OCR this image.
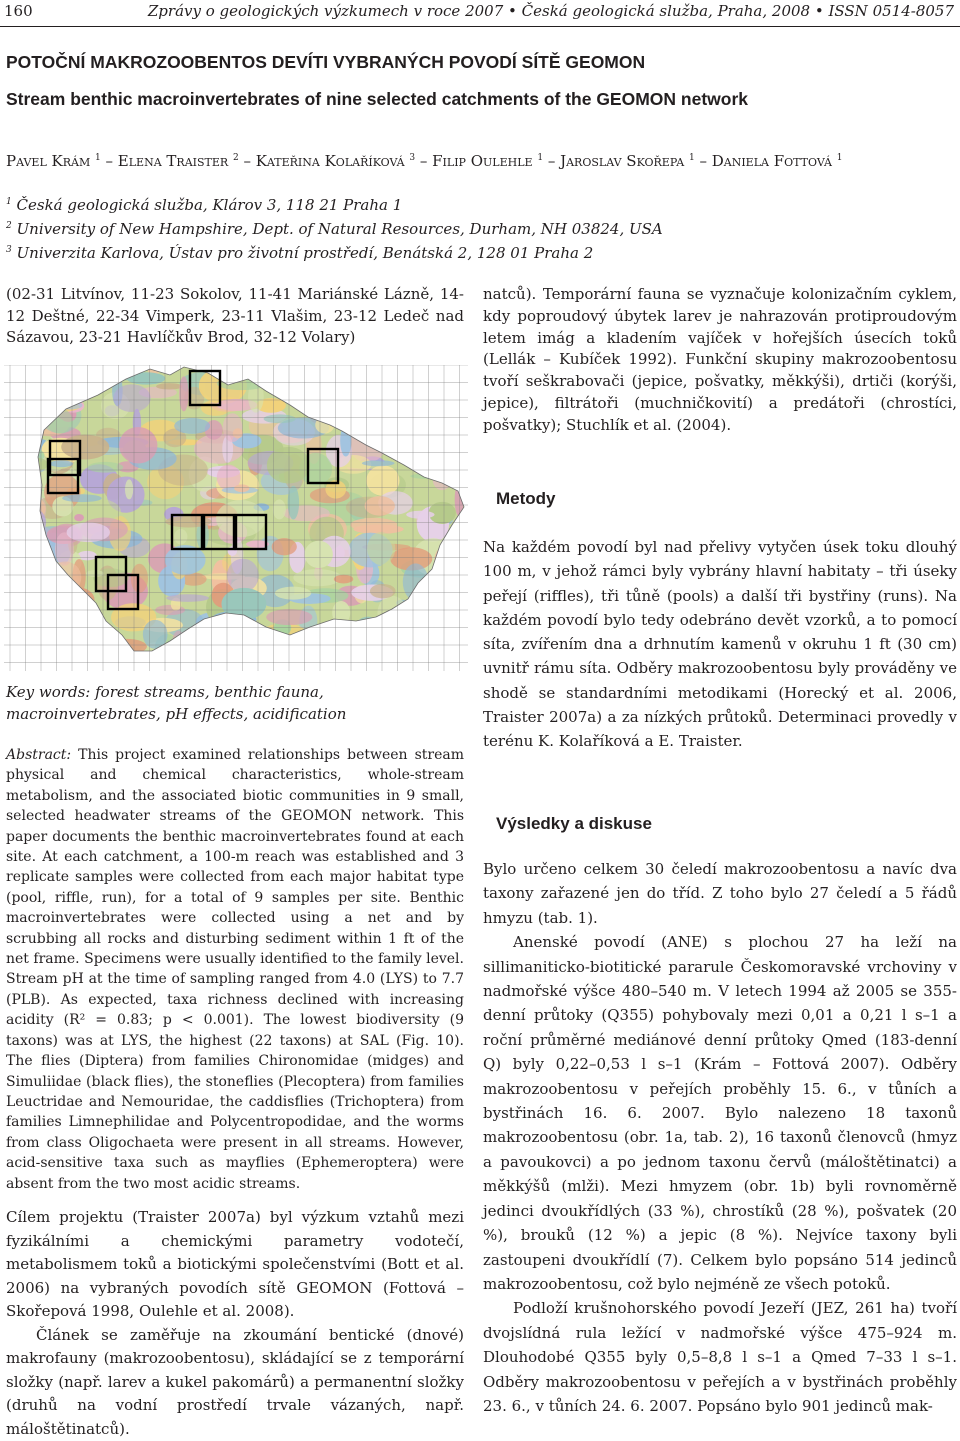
160	Zprávy o geologických výzkumech v roce 2007 • Česká geologická služba, Praha, 2008 • ISSN 0514-8057
POTOČNÍ MAKROZOOBENTOS DEVÍTI VYBRANÝCH POVODÍ SÍTĚ GEOMON
Stream benthic macroinvertebrates of nine selected catchments of the GEOMON network
Pavel Krám $^1$ – Elena Traister $^2$ – Kateřina Kolaříková $^3$ – Filip Oulehle $^1$ – Jaroslav Skořepa $^1$ – Daniela Fottová $^1$
$^1$ Česká geologická služba, Klárov 3, 118 21 Praha 1
$^2$ University of New Hampshire, Dept. of Natural Resources, Durham, NH 03824, USA
$^3$ Univerzita Karlova, Ústav pro životní prostředí, Benátská 2, 128 01 Praha 2
(02-31 Litvínov, 11-23 Sokolov, 11-41 Mariánské Lázně, 14-12 Deštné, 22-34 Vimperk, 23-11 Vlašim, 23-12 Ledeč nad Sázavou, 23-21 Havlíčkův Brod, 32-12 Volary)
Key words: forest streams, benthic fauna, macroinvertebrates, pH effects, acidification
Abstract: This project examined relationships between stream physical and chemical characteristics, whole-stream metabolism, and the associated biotic communities in 9 small, selected headwater streams of the GEOMON network. This paper documents the benthic macroinvertebrates found at each site. At each catchment, a 100-m reach was established and 3 replicate samples were collected from each major habitat type (pool, riffle, run), for a total of 9 samples per site. Benthic macroinvertebrates were collected using a net and by scrubbing all rocks and disturbing sediment within 1 ft of the net frame. Specimens were usually identified to the family level. Stream pH at the time of sampling ranged from 4.0 (LYS) to 7.7 (PLB). As expected, taxa richness declined with increasing acidity (R² = 0.83; p < 0.001). The lowest biodiversity (9 taxons) was at LYS, the highest (22 taxons) at SAL (Fig. 10). The flies (Diptera) from families Chironomidae (midges) and Simuliidae (black flies), the stoneflies (Plecoptera) from families Leuctridae and Nemouridae, the caddisflies (Trichoptera) from families Limnephilidae and Polycentropodidae, and the worms from class Oligochaeta were present in all streams. However, acid-sensitive taxa such as mayflies (Ephemeroptera) were absent from the two most acidic streams.

Cílem projektu (Traister 2007a) byl výzkum vztahů mezi fyzikálními a chemickými parametry vodotečí, metabolismem toků a biotickými společenstvími (Bott et al. 2006) na vybraných povodích sítě GEOMON (Fottová – Skořepová 1998, Oulehle et al. 2008).

Článek se zaměřuje na zkoumání bentické (dnové) makrofauny (makrozoobentosu), skládající se z temporární složky (např. larev a kukel pakomárů) a permanentní složky (druhů na vodní prostředí trvale vázaných, např. máloštětinatců).

natců). Temporární fauna se vyznačuje kolonizačním cyklem, kdy poproudový úbytek larev je nahrazován protiproudovým letem imág a kladením vajíček v hořejších úsecích toků (Lellák – Kubíček 1992). Funkční skupiny makrozoobentosu tvoří seškrabovači (jepice, pošvatky, měkkýši), drtiči (korýši, jepice), filtrátoři (muchničkovití) a predátoři (chrostíci, pošvatky); Stuchlík et al. (2004).
Metody
Na každém povodí byl nad přelivy vytyčen úsek toku dlouhý 100 m, v jehož rámci byly vybrány hlavní habitaty – tři úseky peřejí (riffles), tři tůně (pools) a další tři bystřiny (runs). Na každém povodí bylo tedy odebráno devět vzorků, a to pomocí síta, zvířením dna a drhnutím kamenů v okruhu 1 ft (30 cm) uvnitř rámu síta. Odběry makrozoobentosu byly prováděny ve shodě se standardními metodikami (Horecký et al. 2006, Traister 2007a) a za nízkých průtoků. Determinaci provedly v terénu K. Kolaříková a E. Traister.
Výsledky a diskuse

Bylo určeno celkem 30 čeledí makrozoobentosu a navíc dva taxony zařazené jen do tříd. Z toho bylo 27 čeledí a 5 řádů hmyzu (tab. 1).

Anenské povodí (ANE) s plochou 27 ha leží na sillimaniticko-biotitické pararule Českomoravské vrchoviny v nadmořské výšce 480–540 m. V letech 1994 až 2005 se 355-denní průtoky (Q355) pohybovaly mezi 0,01 a 0,21 l s–1 a roční průměrné mediánové denní průtoky Qmed (183-denní Q) byly 0,22–0,53 l s–1 (Krám – Fottová 2007). Odběry makrozoobentosu v peřejích proběhly 15. 6., v tůních a bystřinách 16. 6. 2007. Bylo nalezeno 18 taxonů makrozoobentosu (obr. 1a, tab. 2), 16 taxonů členovců (hmyz a pavoukovci) a po jednom taxonu červů (máloštětinatci) a měkkýšů (mlži). Mezi hmyzem (obr. 1b) byli rovnoměrně jedinci dvoukřídlých (33 %), chrostíků (28 %), pošvatek (20 %), brouků (12 %) a jepic (8 %). Nejvíce taxony byli zastoupeni dvoukřídlí (7). Celkem bylo popsáno 514 jedinců makrozoobentosu, což bylo nejméně ze všech potoků.

Podloží krušnohorského povodí Jezeří (JEZ, 261 ha) tvoří dvojslídná rula ležící v nadmořské výšce 475–924 m. Dlouhodobé Q355 byly 0,5–8,8 l s–1 a Qmed 7–33 l s–1. Odběry makrozoobentosu v peřejích a v bystřinách proběhly 23. 6., v tůních 24. 6. 2007. Popsáno bylo 901 jedinců mak-
